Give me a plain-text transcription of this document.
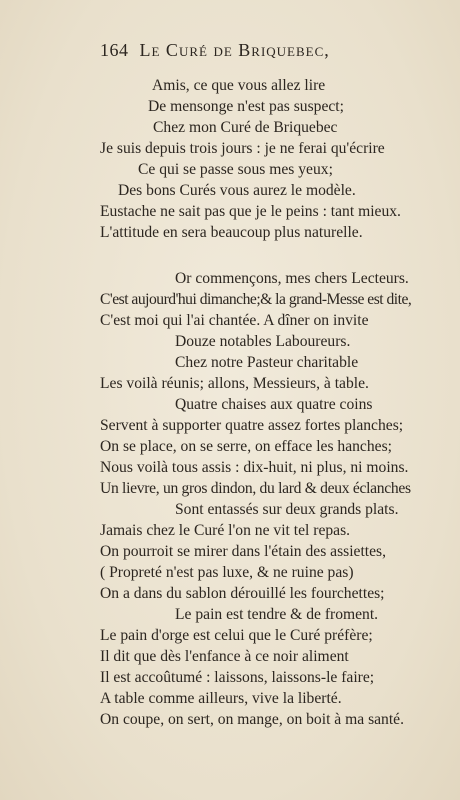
164 Le Curé de Briquebec,
Amis, ce que vous allez lire
De mensonge n'est pas suspect;
Chez mon Curé de Briquebec
Je suis depuis trois jours : je ne ferai qu'écrire
Ce qui se passe sous mes yeux;
Des bons Curés vous aurez le modèle.
Eustache ne sait pas que je le peins : tant mieux.
L'attitude en sera beaucoup plus naturelle.
Or commençons, mes chers Lecteurs.
C'est aujourd'hui dimanche;& la grand-Messe est dite,
C'est moi qui l'ai chantée. A dîner on invite
Douze notables Laboureurs.
Chez notre Pasteur charitable
Les voilà réunis; allons, Messieurs, à table.
Quatre chaises aux quatre coins
Servent à supporter quatre assez fortes planches;
On se place, on se serre, on efface les hanches;
Nous voilà tous assis : dix-huit, ni plus, ni moins.
Un lievre, un gros dindon, du lard & deux éclanches
Sont entassés sur deux grands plats.
Jamais chez le Curé l'on ne vit tel repas.
On pourroit se mirer dans l'étain des assiettes,
( Propreté n'est pas luxe, & ne ruine pas)
On a dans du sablon dérouillé les fourchettes;
Le pain est tendre & de froment.
Le pain d'orge est celui que le Curé préfère;
Il dit que dès l'enfance à ce noir aliment
Il est accoûtumé : laissons, laissons-le faire;
A table comme ailleurs, vive la liberté.
On coupe, on sert, on mange, on boit à ma santé.
